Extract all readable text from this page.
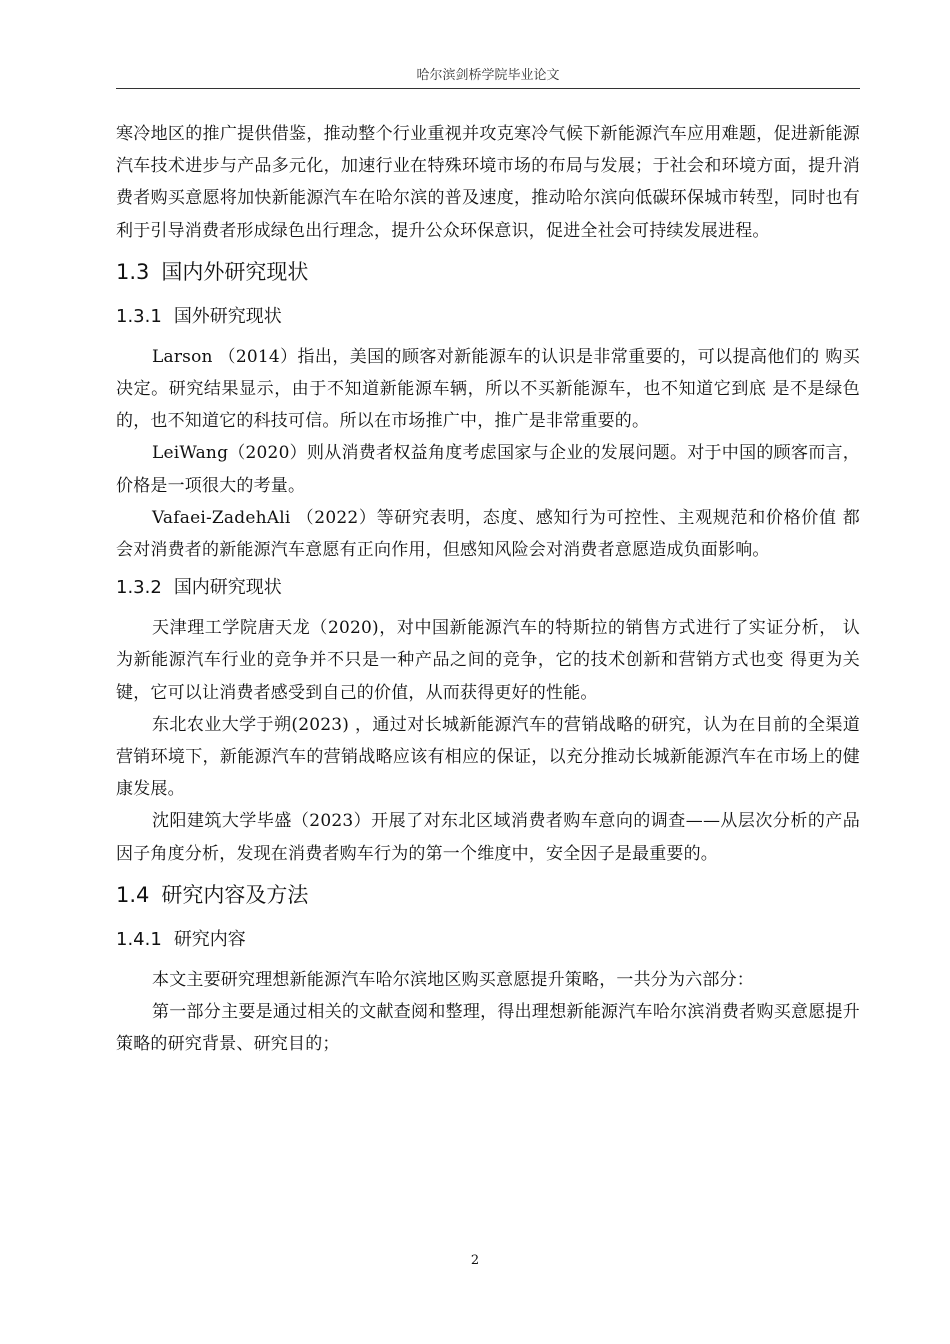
哈尔滨剑桥学院毕业论文

寒冷地区的推广提供借鉴，推动整个行业重视并攻克寒冷气候下新能源汽车应用难题，促进新能源汽车技术进步与产品多元化，加速行业在特殊环境市场的布局与发展；于社会和环境方面，提升消费者购买意愿将加快新能源汽车在哈尔滨的普及速度，推动哈尔滨向低碳环保城市转型，同时也有利于引导消费者形成绿色出行理念，提升公众环保意识，促进全社会可持续发展进程。

1.3 国内外研究现状
1.3.1 国外研究现状

Larson （2014）指出，美国的顾客对新能源车的认识是非常重要的，可以提高他们的 购买决定。研究结果显示，由于不知道新能源车辆，所以不买新能源车，也不知道它到底 是不是绿色的，也不知道它的科技可信。所以在市场推广中，推广是非常重要的。

LeiWang（2020）则从消费者权益角度考虑国家与企业的发展问题。对于中国的顾客而言，价格是一项很大的考量。

Vafaei-ZadehAli （2022）等研究表明，态度、感知行为可控性、主观规范和价格价值 都会对消费者的新能源汽车意愿有正向作用，但感知风险会对消费者意愿造成负面影响。

1.3.2 国内研究现状

天津理工学院唐天龙（2020)，对中国新能源汽车的特斯拉的销售方式进行了实证分析， 认为新能源汽车行业的竞争并不只是一种产品之间的竞争，它的技术创新和营销方式也变 得更为关键，它可以让消费者感受到自己的价值，从而获得更好的性能。

东北农业大学于朔(2023) ，通过对长城新能源汽车的营销战略的研究，认为在目前的全渠道营销环境下，新能源汽车的营销战略应该有相应的保证，以充分推动长城新能源汽车在市场上的健康发展。

沈阳建筑大学毕盛（2023）开展了对东北区域消费者购车意向的调查——从层次分析的产品因子角度分析，发现在消费者购车行为的第一个维度中，安全因子是最重要的。

1.4 研究内容及方法
1.4.1 研究内容

本文主要研究理想新能源汽车哈尔滨地区购买意愿提升策略，一共分为六部分：

第一部分主要是通过相关的文献查阅和整理，得出理想新能源汽车哈尔滨消费者购买意愿提升策略的研究背景、研究目的；

2
